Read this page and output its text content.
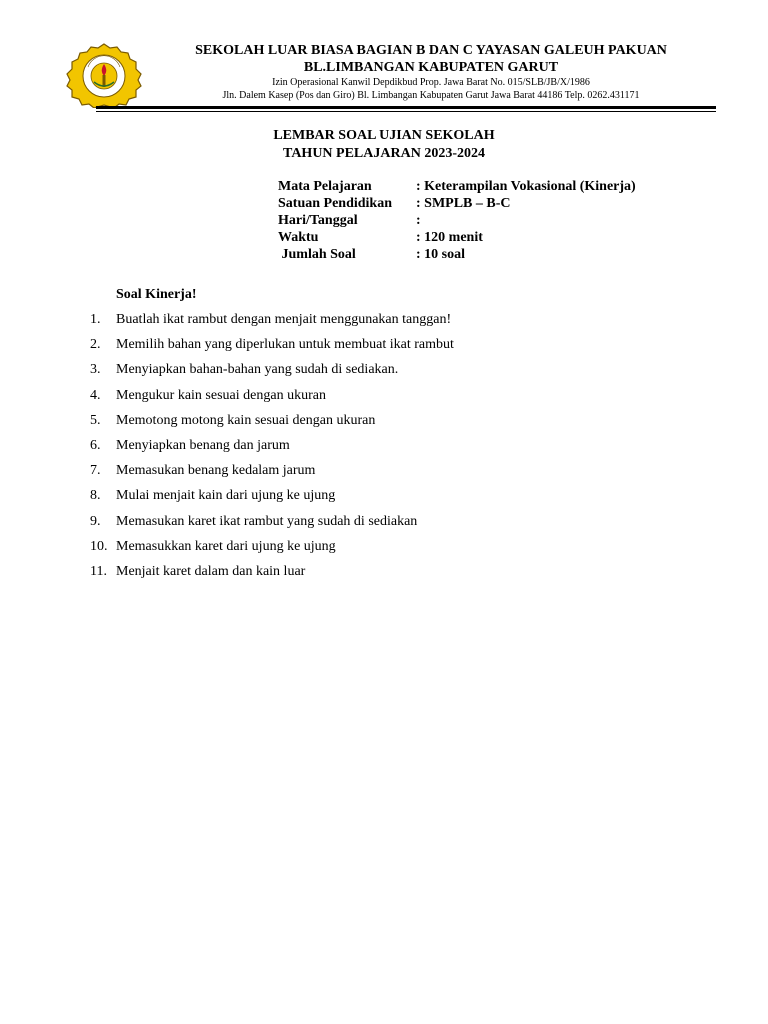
SEKOLAH LUAR BIASA BAGIAN B DAN C YAYASAN GALEUH PAKUAN
BL.LIMBANGAN KABUPATEN GARUT
Izin Operasional Kanwil Depdikbud Prop. Jawa Barat No. 015/SLB/JB/X/1986
Jln. Dalem Kasep (Pos dan Giro) Bl. Limbangan Kabupaten Garut Jawa Barat 44186 Telp. 0262.431171
LEMBAR SOAL UJIAN SEKOLAH
TAHUN PELAJARAN 2023-2024
Mata Pelajaran	: Keterampilan Vokasional (Kinerja)
Satuan Pendidikan : SMPLB – B-C
Hari/Tanggal	:
Waktu	: 120 menit
Jumlah Soal	: 10 soal
Soal Kinerja!
1. Buatlah ikat rambut dengan menjait menggunakan tanggan!
2. Memilih bahan yang diperlukan untuk membuat ikat rambut
3. Menyiapkan bahan-bahan yang sudah di sediakan.
4. Mengukur kain sesuai dengan ukuran
5. Memotong motong kain sesuai dengan ukuran
6. Menyiapkan benang dan jarum
7. Memasukan benang kedalam jarum
8. Mulai menjait kain dari ujung ke ujung
9. Memasukan karet ikat rambut yang sudah di sediakan
10. Memasukkan karet dari ujung ke ujung
11. Menjait karet dalam dan kain luar
